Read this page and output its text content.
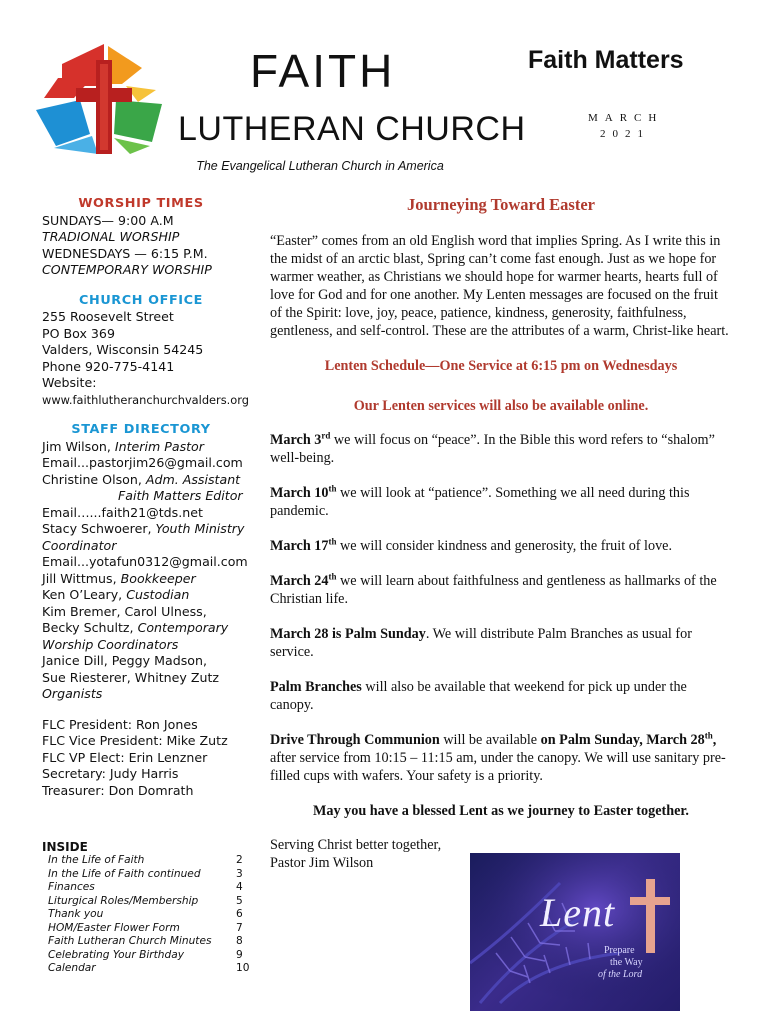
FAITH
LUTHERAN CHURCH
Faith Matters
MARCH
2021
The Evangelical Lutheran Church in America
WORSHIP TIMES

SUNDAYS— 9:00 A.M

TRADIONAL WORSHIP

WEDNESDAYS — 6:15 P.M.

CONTEMPORARY WORSHIP

CHURCH OFFICE

255 Roosevelt Street

PO Box 369

Valders, Wisconsin 54245

Phone 920-775-4141

Website:

www.faithlutheranchurchvalders.org

STAFF DIRECTORY

Jim Wilson, Interim Pastor

Email...pastorjim26@gmail.com

Christine Olson, Adm. Assistant

Faith Matters Editor

Email…...faith21@tds.net

Stacy Schwoerer, Youth Ministry

Coordinator

Email...yotafun0312@gmail.com

Jill Wittmus, Bookkeeper

Ken O’Leary, Custodian

Kim Bremer, Carol Ulness,

Becky Schultz, Contemporary

Worship Coordinators

Janice Dill, Peggy Madson,

Sue Riesterer, Whitney Zutz

Organists

FLC President: Ron Jones

FLC Vice President: Mike Zutz

FLC VP Elect: Erin Lenzner

Secretary: Judy Harris

Treasurer: Don Domrath

INSIDE
In the Life of Faith	2
In the Life of Faith continued	3
Finances	4
Liturgical Roles/Membership	5
Thank you	6
HOM/Easter Flower Form	7
Faith Lutheran Church Minutes 8
Celebrating Your Birthday	9
Calendar	10
Journeying Toward Easter

“Easter” comes from an old English word that implies Spring. As I write this in the midst of an arctic blast, Spring can’t come fast enough. Just as we hope for warmer weather, as Christians we should hope for warmer hearts, hearts full of love for God and for one another. My Lenten messages are focused on the fruit of the Spirit: love, joy, peace, patience, kindness, generosity, faithfulness, gentleness, and self-control. These are the attributes of a warm, Christ-like heart.

Lenten Schedule—One Service at 6:15 pm on Wednesdays
Our Lenten services will also be available online.

March 3rd we will focus on “peace”. In the Bible this word refers to “shalom” well-being.

March 10th we will look at “patience”. Something we all need during this pandemic.

March 17th we will consider kindness and generosity, the fruit of love.

March 24th we will learn about faithfulness and gentleness as hallmarks of the Christian life.

March 28 is Palm Sunday. We will distribute Palm Branches as usual for service.

Palm Branches will also be available that weekend for pick up under the canopy.

Drive Through Communion will be available on Palm Sunday, March 28th, after service from 10:15 – 11:15 am, under the canopy. We will use sanitary pre-filled cups with wafers. Your safety is a priority.

May you have a blessed Lent as we journey to Easter together.

Serving Christ better together,

Pastor Jim Wilson

Lent
Prepare
the Way
of the Lord
